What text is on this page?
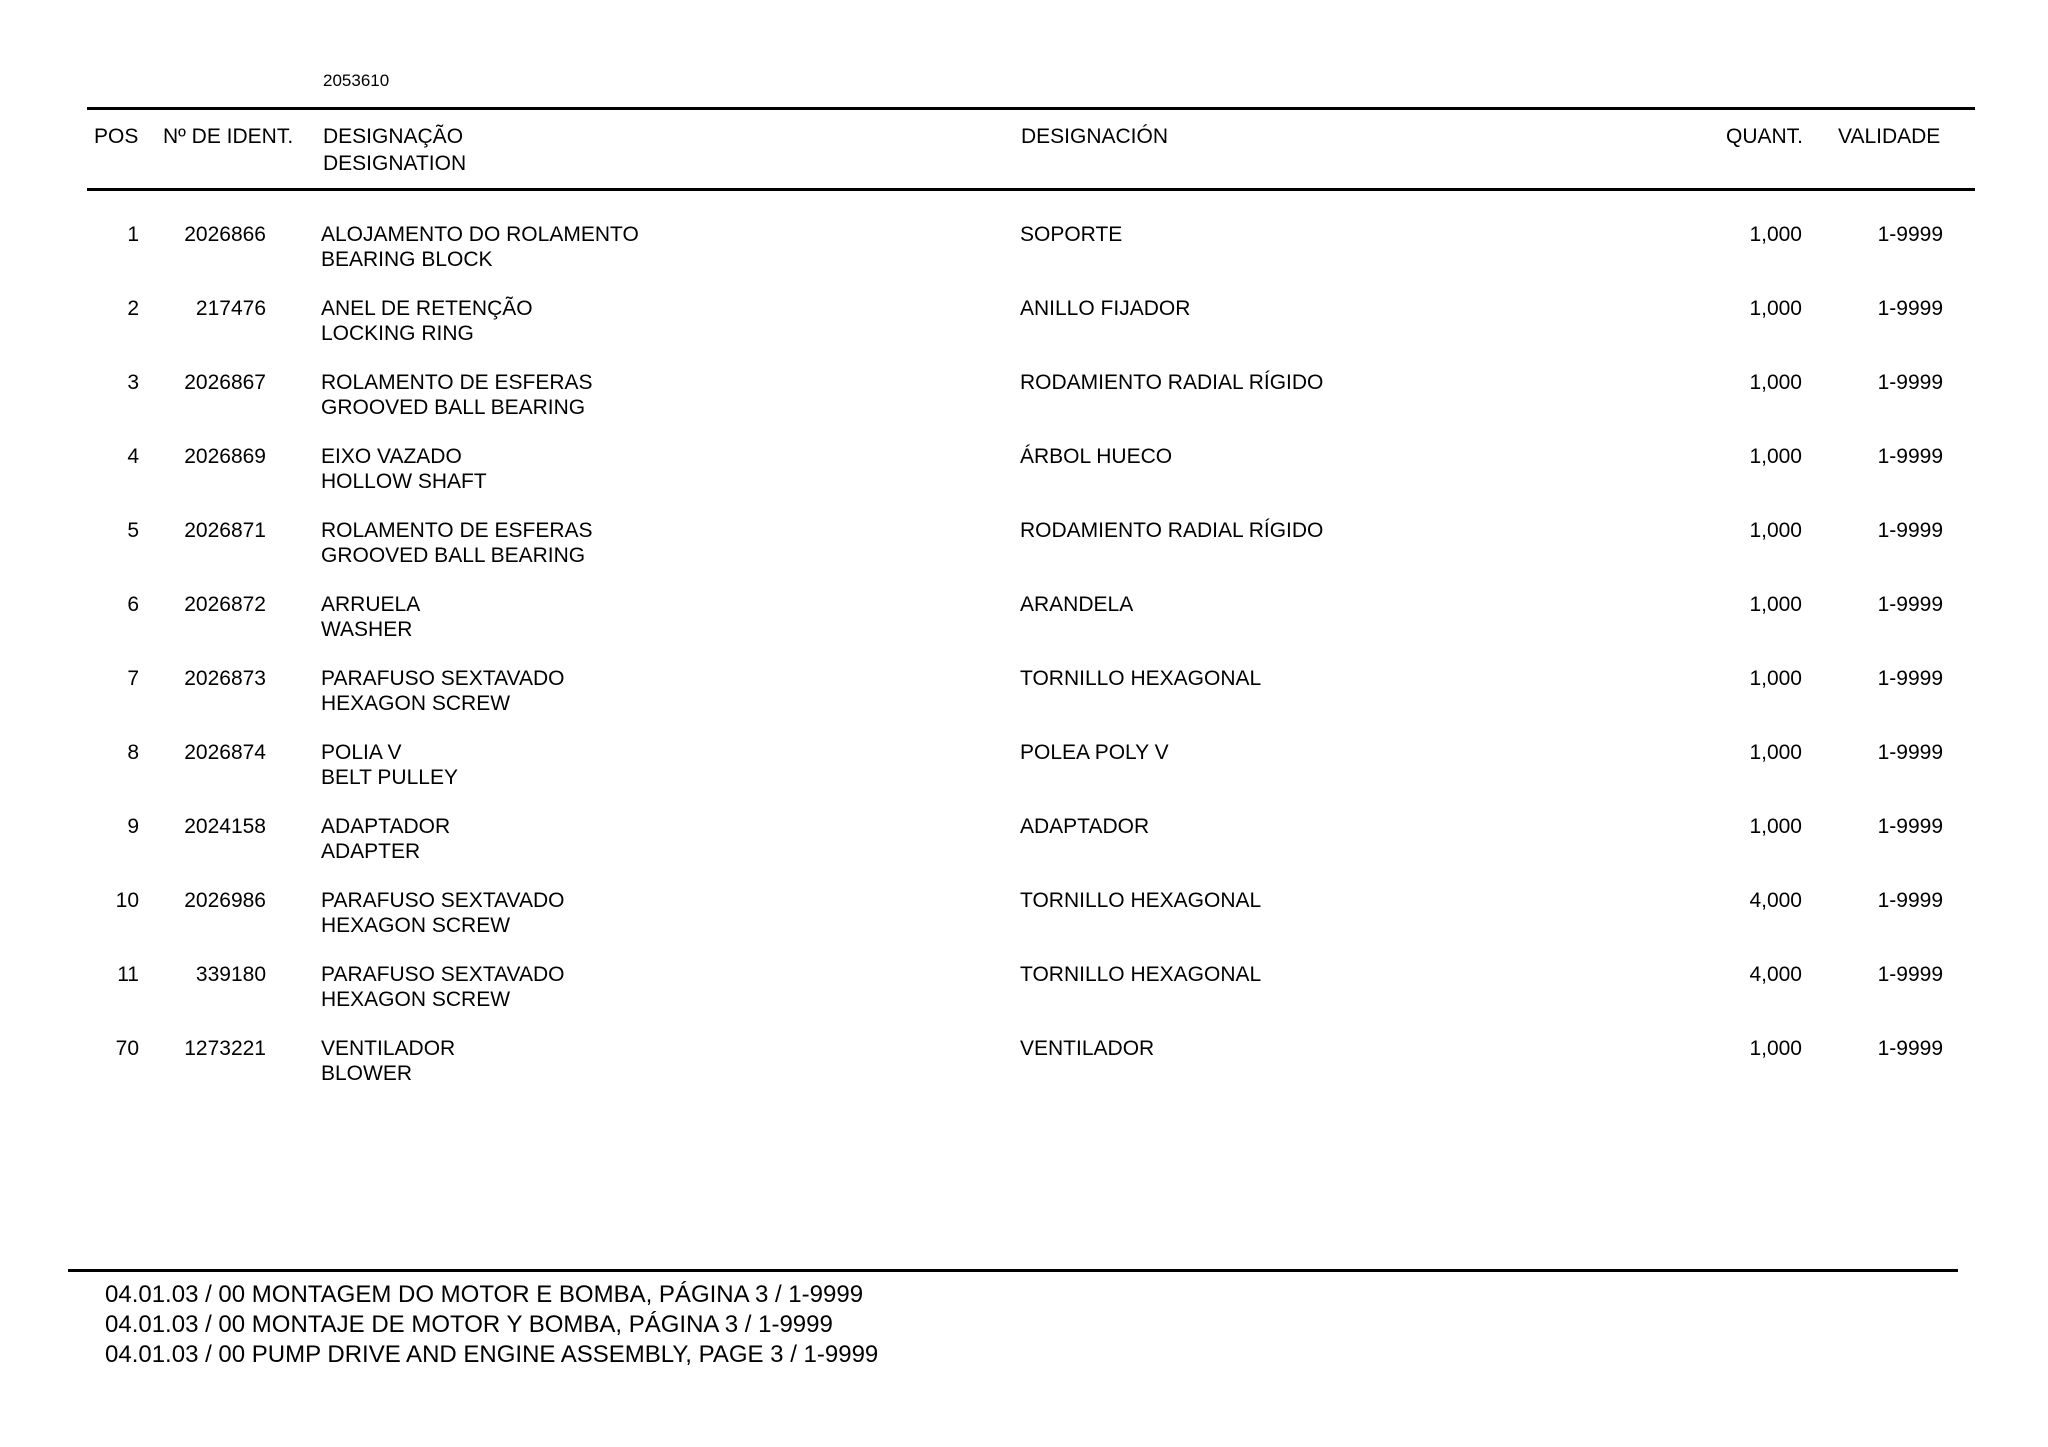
2053610
POS Nº DE IDENT. DESIGNAÇÃO
DESIGNATION
DESIGNACIÓN	QUANT. VALIDADE
1 2026866	ALOJAMENTO DO ROLAMENTO
BEARING BLOCK
SOPORTE	1,000	1-9999
2	217476	ANEL DE RETENÇÃO
LOCKING RING
ANILLO FIJADOR	1,000	1-9999
3 2026867	ROLAMENTO DE ESFERAS
GROOVED BALL BEARING
RODAMIENTO RADIAL RÍGIDO	1,000	1-9999
4 2026869	EIXO VAZADO
HOLLOW SHAFT
ÁRBOL HUECO	1,000	1-9999
5 2026871	ROLAMENTO DE ESFERAS
GROOVED BALL BEARING
RODAMIENTO RADIAL RÍGIDO	1,000	1-9999
6 2026872	ARRUELA
WASHER
ARANDELA	1,000	1-9999
7 2026873	PARAFUSO SEXTAVADO
HEXAGON SCREW
TORNILLO HEXAGONAL	1,000	1-9999
8 2026874	POLIA V
BELT PULLEY
POLEA POLY V	1,000	1-9999
9 2024158	ADAPTADOR
ADAPTER
ADAPTADOR	1,000	1-9999
10 2026986	PARAFUSO SEXTAVADO
HEXAGON SCREW
TORNILLO HEXAGONAL	4,000	1-9999
11	339180	PARAFUSO SEXTAVADO
HEXAGON SCREW
TORNILLO HEXAGONAL	4,000	1-9999
70 1273221	VENTILADOR
BLOWER
VENTILADOR	1,000	1-9999
04.01.03 / 00 MONTAGEM DO MOTOR E BOMBA, PÁGINA 3 / 1-9999
04.01.03 / 00 MONTAJE DE MOTOR Y BOMBA, PÁGINA 3 / 1-9999
04.01.03 / 00 PUMP DRIVE AND ENGINE ASSEMBLY, PAGE 3 / 1-9999
